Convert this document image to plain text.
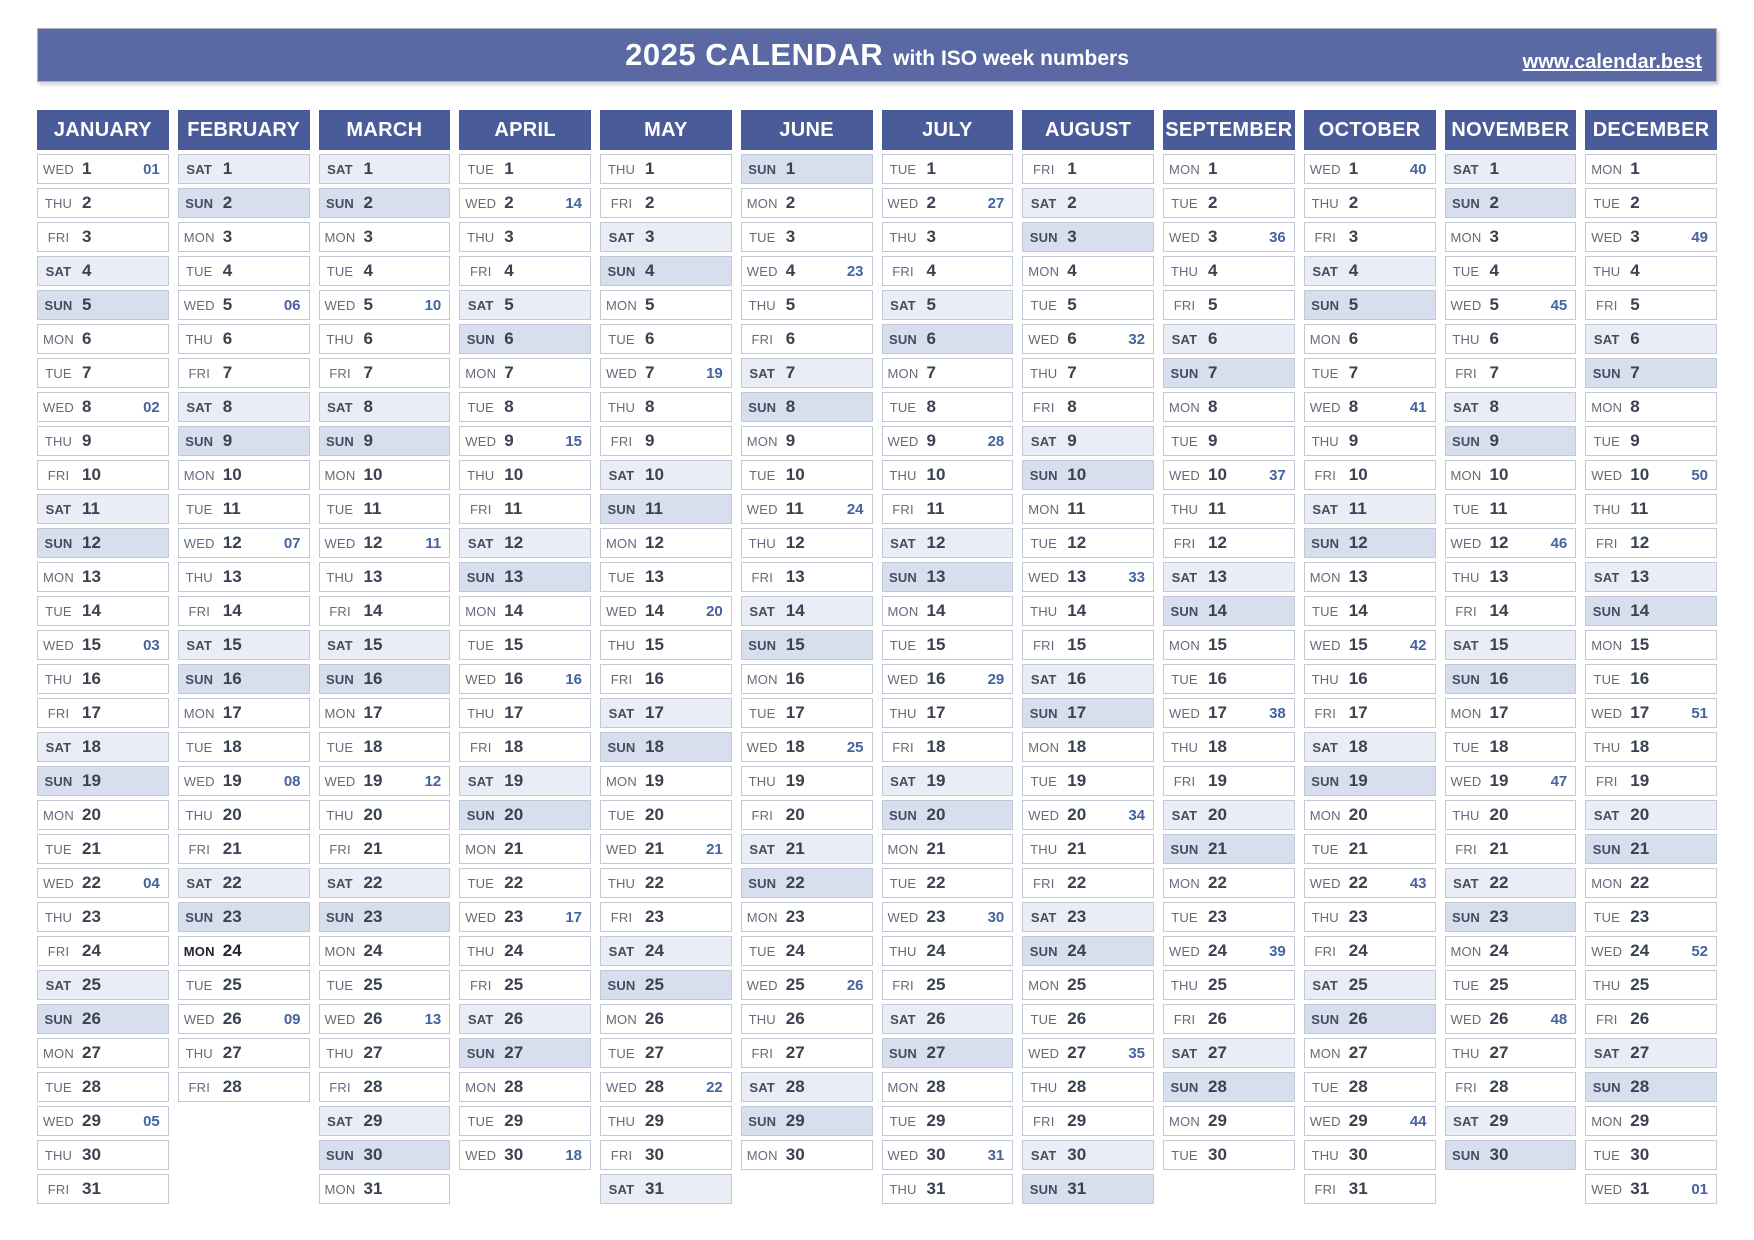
2025 CALENDAR with ISO week numbers	www.calendar.best
JANUARY
WED 1	01
THU 2
FRI 3
SAT 4
SUN 5
MON 6
TUE 7
WED 8	02
THU 9
FRI 10
SAT 11
SUN 12
MON 13
TUE 14
WED 15	03
THU 16
FRI 17
SAT 18
SUN 19
MON 20
TUE 21
WED 22	04
THU 23
FRI 24
SAT 25
SUN 26
MON 27
TUE 28
WED 29	05
THU 30
FRI 31
FEBRUARY
SAT 1
SUN 2
MON 3
TUE 4
WED 5	06
THU 6
FRI 7
SAT 8
SUN 9
MON 10
TUE 11
WED 12	07
THU 13
FRI 14
SAT 15
SUN 16
MON 17
TUE 18
WED 19	08
THU 20
FRI 21
SAT 22
SUN 23
MON 24
TUE 25
WED 26	09
THU 27
FRI 28
MARCH
SAT 1
SUN 2
MON 3
TUE 4
WED 5	10
THU 6
FRI 7
SAT 8
SUN 9
MON 10
TUE 11
WED 12	11
THU 13
FRI 14
SAT 15
SUN 16
MON 17
TUE 18
WED 19	12
THU 20
FRI 21
SAT 22
SUN 23
MON 24
TUE 25
WED 26	13
THU 27
FRI 28
SAT 29
SUN 30
MON 31
APRIL
TUE 1
WED 2	14
THU 3
FRI 4
SAT 5
SUN 6
MON 7
TUE 8
WED 9	15
THU 10
FRI 11
SAT 12
SUN 13
MON 14
TUE 15
WED 16	16
THU 17
FRI 18
SAT 19
SUN 20
MON 21
TUE 22
WED 23	17
THU 24
FRI 25
SAT 26
SUN 27
MON 28
TUE 29
WED 30	18
MAY
THU 1
FRI 2
SAT 3
SUN 4
MON 5
TUE 6
WED 7	19
THU 8
FRI 9
SAT 10
SUN 11
MON 12
TUE 13
WED 14	20
THU 15
FRI 16
SAT 17
SUN 18
MON 19
TUE 20
WED 21	21
THU 22
FRI 23
SAT 24
SUN 25
MON 26
TUE 27
WED 28	22
THU 29
FRI 30
SAT 31
JUNE
SUN 1
MON 2
TUE 3
WED 4	23
THU 5
FRI 6
SAT 7
SUN 8
MON 9
TUE 10
WED 11	24
THU 12
FRI 13
SAT 14
SUN 15
MON 16
TUE 17
WED 18	25
THU 19
FRI 20
SAT 21
SUN 22
MON 23
TUE 24
WED 25	26
THU 26
FRI 27
SAT 28
SUN 29
MON 30
JULY
TUE 1
WED 2	27
THU 3
FRI 4
SAT 5
SUN 6
MON 7
TUE 8
WED 9	28
THU 10
FRI 11
SAT 12
SUN 13
MON 14
TUE 15
WED 16	29
THU 17
FRI 18
SAT 19
SUN 20
MON 21
TUE 22
WED 23	30
THU 24
FRI 25
SAT 26
SUN 27
MON 28
TUE 29
WED 30	31
THU 31
AUGUST
FRI 1
SAT 2
SUN 3
MON 4
TUE 5
WED 6	32
THU 7
FRI 8
SAT 9
SUN 10
MON 11
TUE 12
WED 13	33
THU 14
FRI 15
SAT 16
SUN 17
MON 18
TUE 19
WED 20	34
THU 21
FRI 22
SAT 23
SUN 24
MON 25
TUE 26
WED 27	35
THU 28
FRI 29
SAT 30
SUN 31
SEPTEMBER
MON 1
TUE 2
WED 3	36
THU 4
FRI 5
SAT 6
SUN 7
MON 8
TUE 9
WED 10	37
THU 11
FRI 12
SAT 13
SUN 14
MON 15
TUE 16
WED 17	38
THU 18
FRI 19
SAT 20
SUN 21
MON 22
TUE 23
WED 24	39
THU 25
FRI 26
SAT 27
SUN 28
MON 29
TUE 30
OCTOBER
WED 1	40
THU 2
FRI 3
SAT 4
SUN 5
MON 6
TUE 7
WED 8	41
THU 9
FRI 10
SAT 11
SUN 12
MON 13
TUE 14
WED 15	42
THU 16
FRI 17
SAT 18
SUN 19
MON 20
TUE 21
WED 22	43
THU 23
FRI 24
SAT 25
SUN 26
MON 27
TUE 28
WED 29	44
THU 30
FRI 31
NOVEMBER
SAT 1
SUN 2
MON 3
TUE 4
WED 5	45
THU 6
FRI 7
SAT 8
SUN 9
MON 10
TUE 11
WED 12	46
THU 13
FRI 14
SAT 15
SUN 16
MON 17
TUE 18
WED 19	47
THU 20
FRI 21
SAT 22
SUN 23
MON 24
TUE 25
WED 26	48
THU 27
FRI 28
SAT 29
SUN 30
DECEMBER
MON 1
TUE 2
WED 3	49
THU 4
FRI 5
SAT 6
SUN 7
MON 8
TUE 9
WED 10	50
THU 11
FRI 12
SAT 13
SUN 14
MON 15
TUE 16
WED 17	51
THU 18
FRI 19
SAT 20
SUN 21
MON 22
TUE 23
WED 24	52
THU 25
FRI 26
SAT 27
SUN 28
MON 29
TUE 30
WED 31	01
